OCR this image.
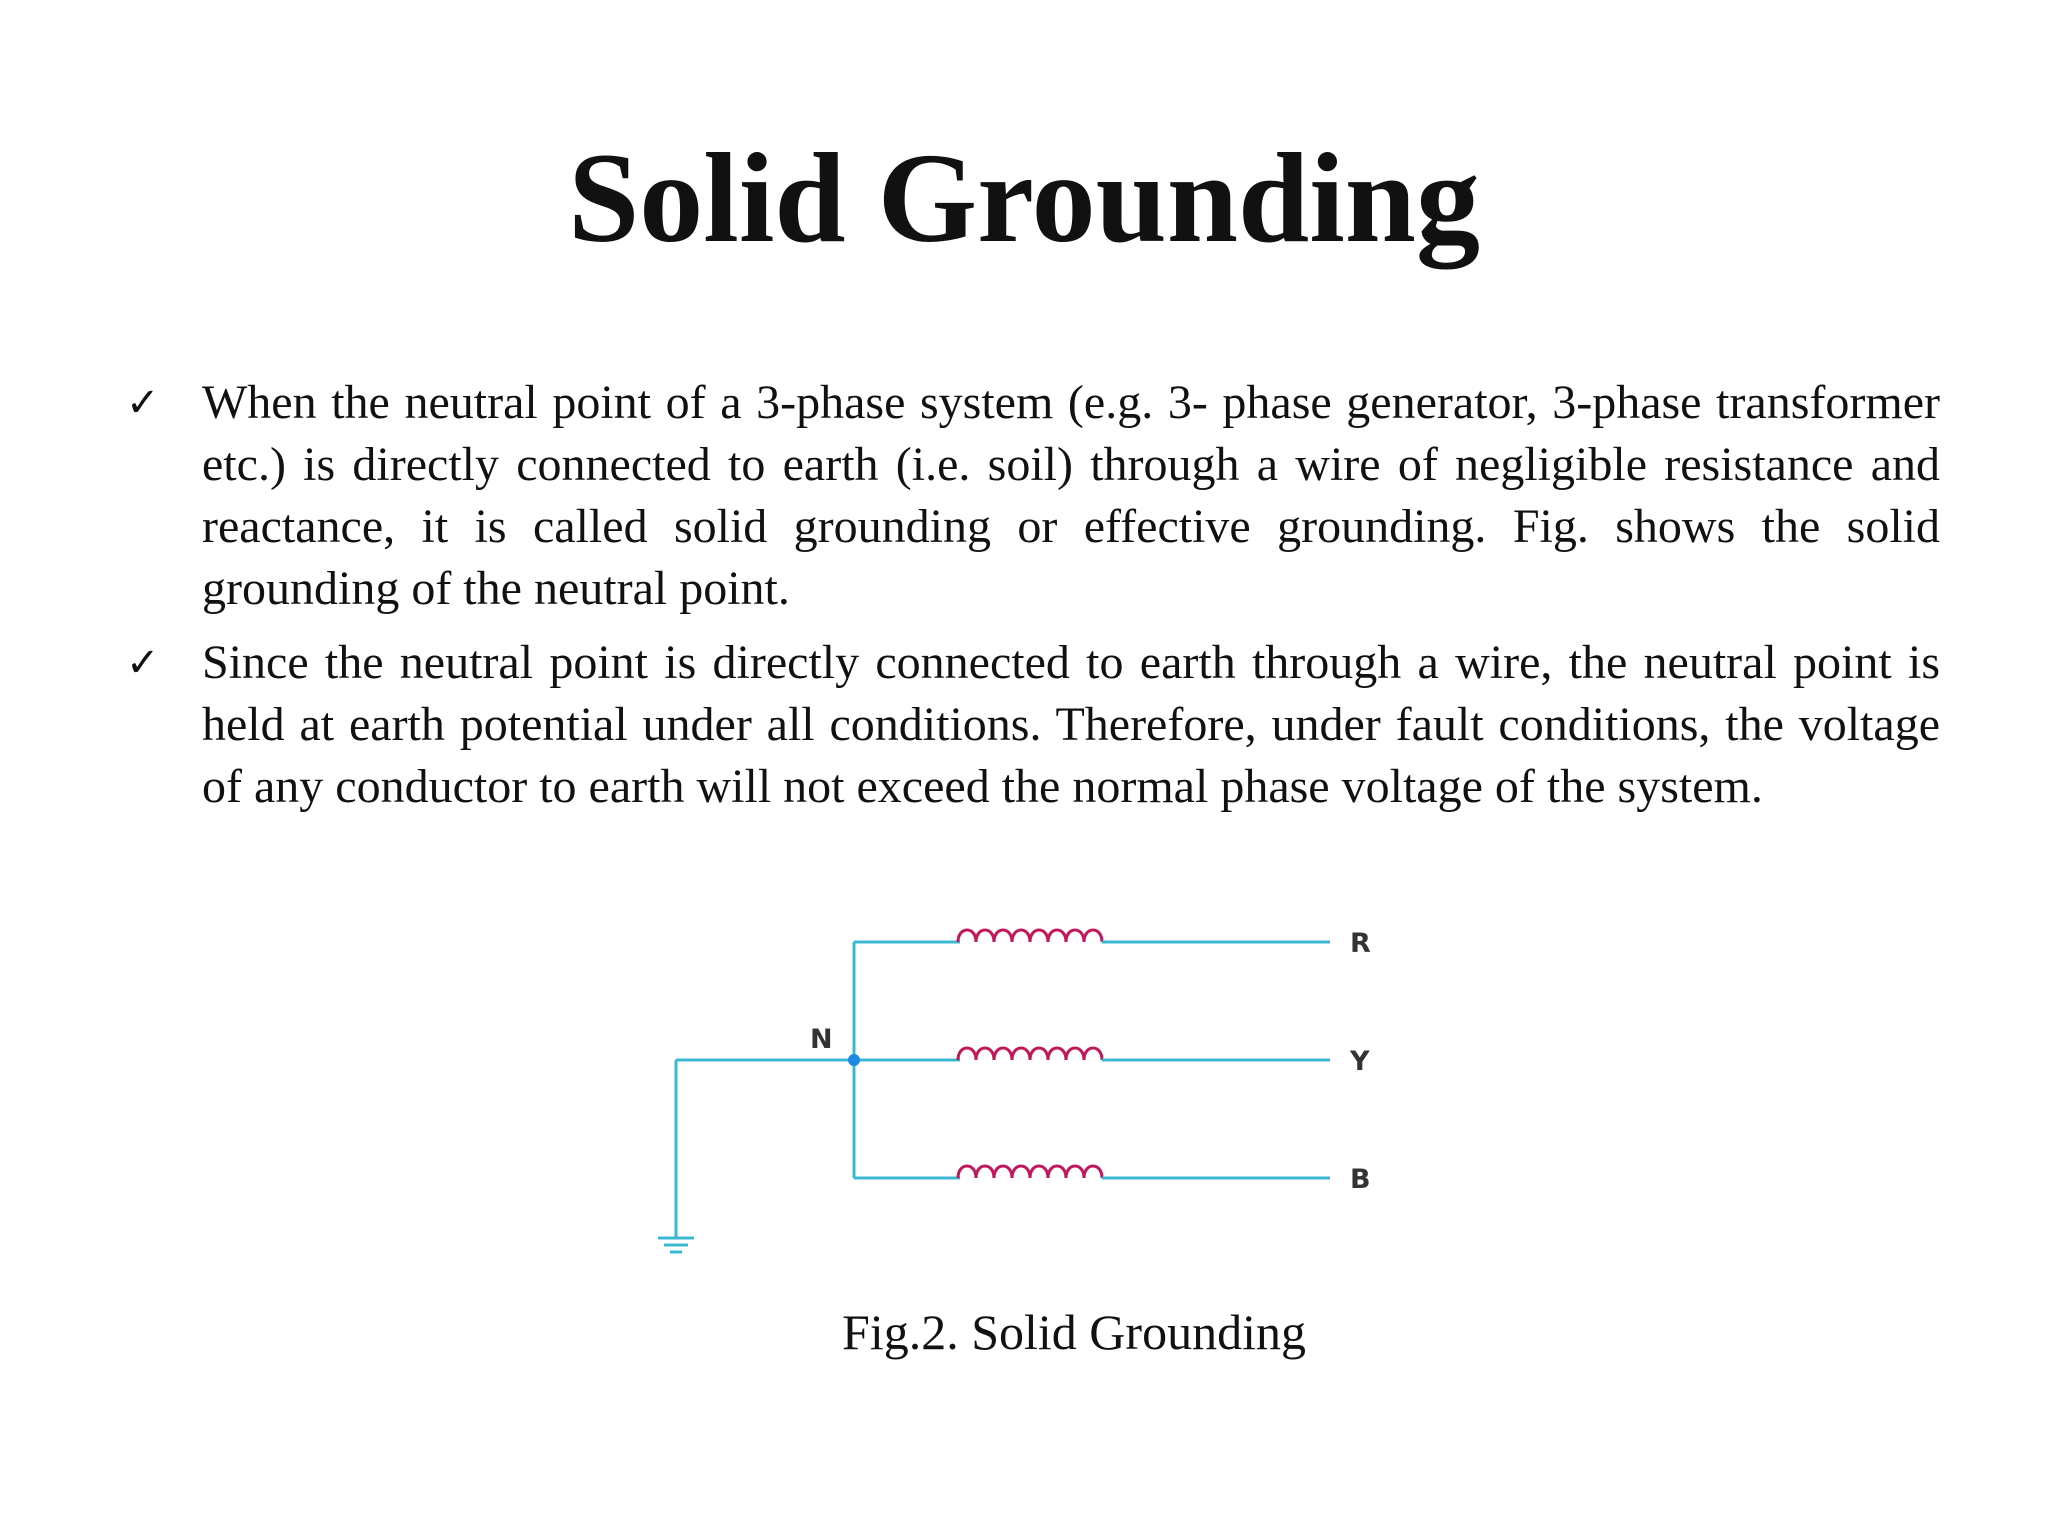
Solid Grounding
✓ When the neutral point of a 3-phase system (e.g. 3- phase generator, 3-phase transformer etc.) is directly connected to earth (i.e. soil) through a wire of negligible resistance and reactance, it is called solid grounding or effective grounding. Fig. shows the solid grounding of the neutral point.
✓ Since the neutral point is directly connected to earth through a wire, the neutral point is held at earth potential under all conditions. Therefore, under fault conditions, the voltage of any conductor to earth will not exceed the normal phase voltage of the system.
R
Y
B
N

Fig.2. Solid Grounding
